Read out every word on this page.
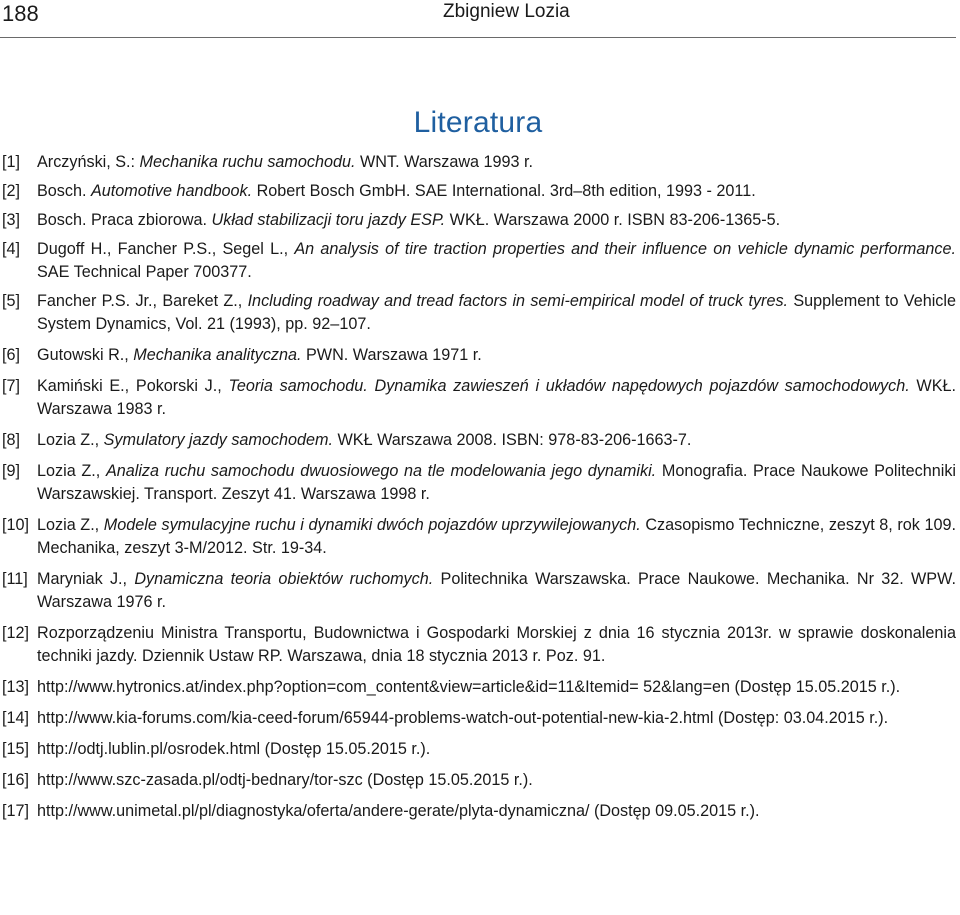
188	Zbigniew Lozia
Literatura
[1] Arczyński, S.: Mechanika ruchu samochodu. WNT. Warszawa 1993 r.
[2] Bosch. Automotive handbook. Robert Bosch GmbH. SAE International. 3rd–8th edition, 1993 - 2011.
[3] Bosch. Praca zbiorowa. Układ stabilizacji toru jazdy ESP. WKŁ. Warszawa 2000 r. ISBN 83-206-1365-5.
[4] Dugoff H., Fancher P.S., Segel L., An analysis of tire traction properties and their influence on vehicle dynamic performance. SAE Technical Paper 700377.
[5] Fancher P.S. Jr., Bareket Z., Including roadway and tread factors in semi-empirical model of truck tyres. Supplement to Vehicle System Dynamics, Vol. 21 (1993), pp. 92–107.
[6] Gutowski R., Mechanika analityczna. PWN. Warszawa 1971 r.
[7] Kamiński E., Pokorski J., Teoria samochodu. Dynamika zawieszeń i układów napędowych pojazdów samochodowych. WKŁ. Warszawa 1983 r.
[8] Lozia Z., Symulatory jazdy samochodem. WKŁ Warszawa 2008. ISBN: 978-83-206-1663-7.
[9] Lozia Z., Analiza ruchu samochodu dwuosiowego na tle modelowania jego dynamiki. Monografia. Prace Naukowe Politechniki Warszawskiej. Transport. Zeszyt 41. Warszawa 1998 r.
[10] Lozia Z., Modele symulacyjne ruchu i dynamiki dwóch pojazdów uprzywilejowanych. Czasopismo Techniczne, zeszyt 8, rok 109. Mechanika, zeszyt 3-M/2012. Str. 19-34.
[11] Maryniak J., Dynamiczna teoria obiektów ruchomych. Politechnika Warszawska. Prace Naukowe. Mechanika. Nr 32. WPW. Warszawa 1976 r.
[12] Rozporządzeniu Ministra Transportu, Budownictwa i Gospodarki Morskiej z dnia 16 stycznia 2013r. w sprawie doskonalenia techniki jazdy. Dziennik Ustaw RP. Warszawa, dnia 18 stycznia 2013 r. Poz. 91.
[13] http://www.hytronics.at/index.php?option=com_content&view=article&id=11&Itemid= 52&lang=en (Dostęp 15.05.2015 r.).
[14] http://www.kia-forums.com/kia-ceed-forum/65944-problems-watch-out-potential-new-kia-2.html (Dostęp: 03.04.2015 r.).
[15] http://odtj.lublin.pl/osrodek.html (Dostęp 15.05.2015 r.).
[16] http://www.szc-zasada.pl/odtj-bednary/tor-szc (Dostęp 15.05.2015 r.).
[17] http://www.unimetal.pl/pl/diagnostyka/oferta/andere-gerate/plyta-dynamiczna/ (Dostęp 09.05.2015 r.).
